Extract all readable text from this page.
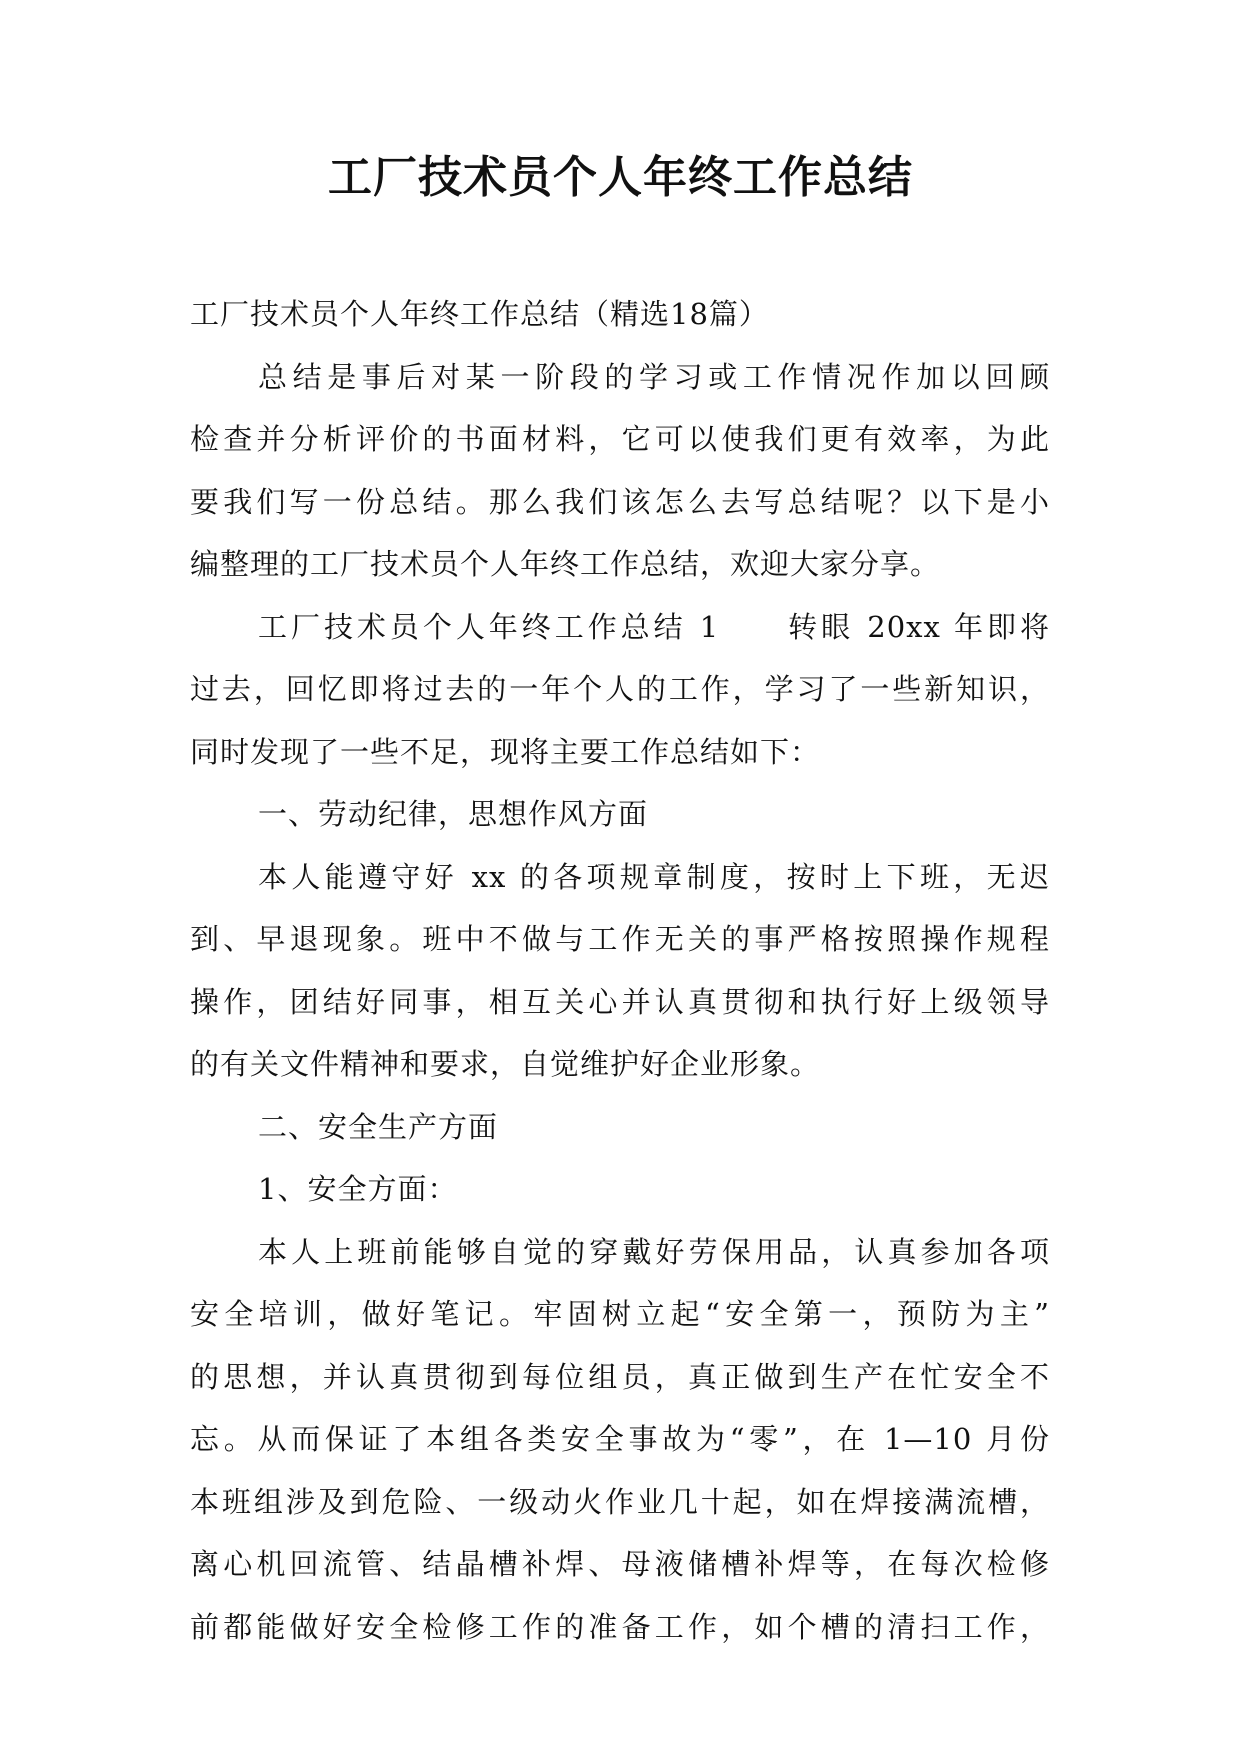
工厂技术员个人年终工作总结
工厂技术员个人年终工作总结（精选18篇）
总结是事后对某一阶段的学习或工作情况作加以回顾
检查并分析评价的书面材料，它可以使我们更有效率，为此
要我们写一份总结。那么我们该怎么去写总结呢？以下是小
编整理的工厂技术员个人年终工作总结，欢迎大家分享。
工厂技术员个人年终工作总结 1　　转眼 20xx 年即将
过去，回忆即将过去的一年个人的工作，学习了一些新知识，
同时发现了一些不足，现将主要工作总结如下：
一、劳动纪律，思想作风方面
本人能遵守好 xx 的各项规章制度，按时上下班，无迟
到、早退现象。班中不做与工作无关的事严格按照操作规程
操作，团结好同事，相互关心并认真贯彻和执行好上级领导
的有关文件精神和要求，自觉维护好企业形象。
二、安全生产方面
1、安全方面：
本人上班前能够自觉的穿戴好劳保用品，认真参加各项
安全培训，做好笔记。牢固树立起“安全第一，预防为主”
的思想，并认真贯彻到每位组员，真正做到生产在忙安全不
忘。从而保证了本组各类安全事故为“零”，在 1—10 月份
本班组涉及到危险、一级动火作业几十起，如在焊接满流槽，
离心机回流管、结晶槽补焊、母液储槽补焊等，在每次检修
前都能做好安全检修工作的准备工作，如个槽的清扫工作，
